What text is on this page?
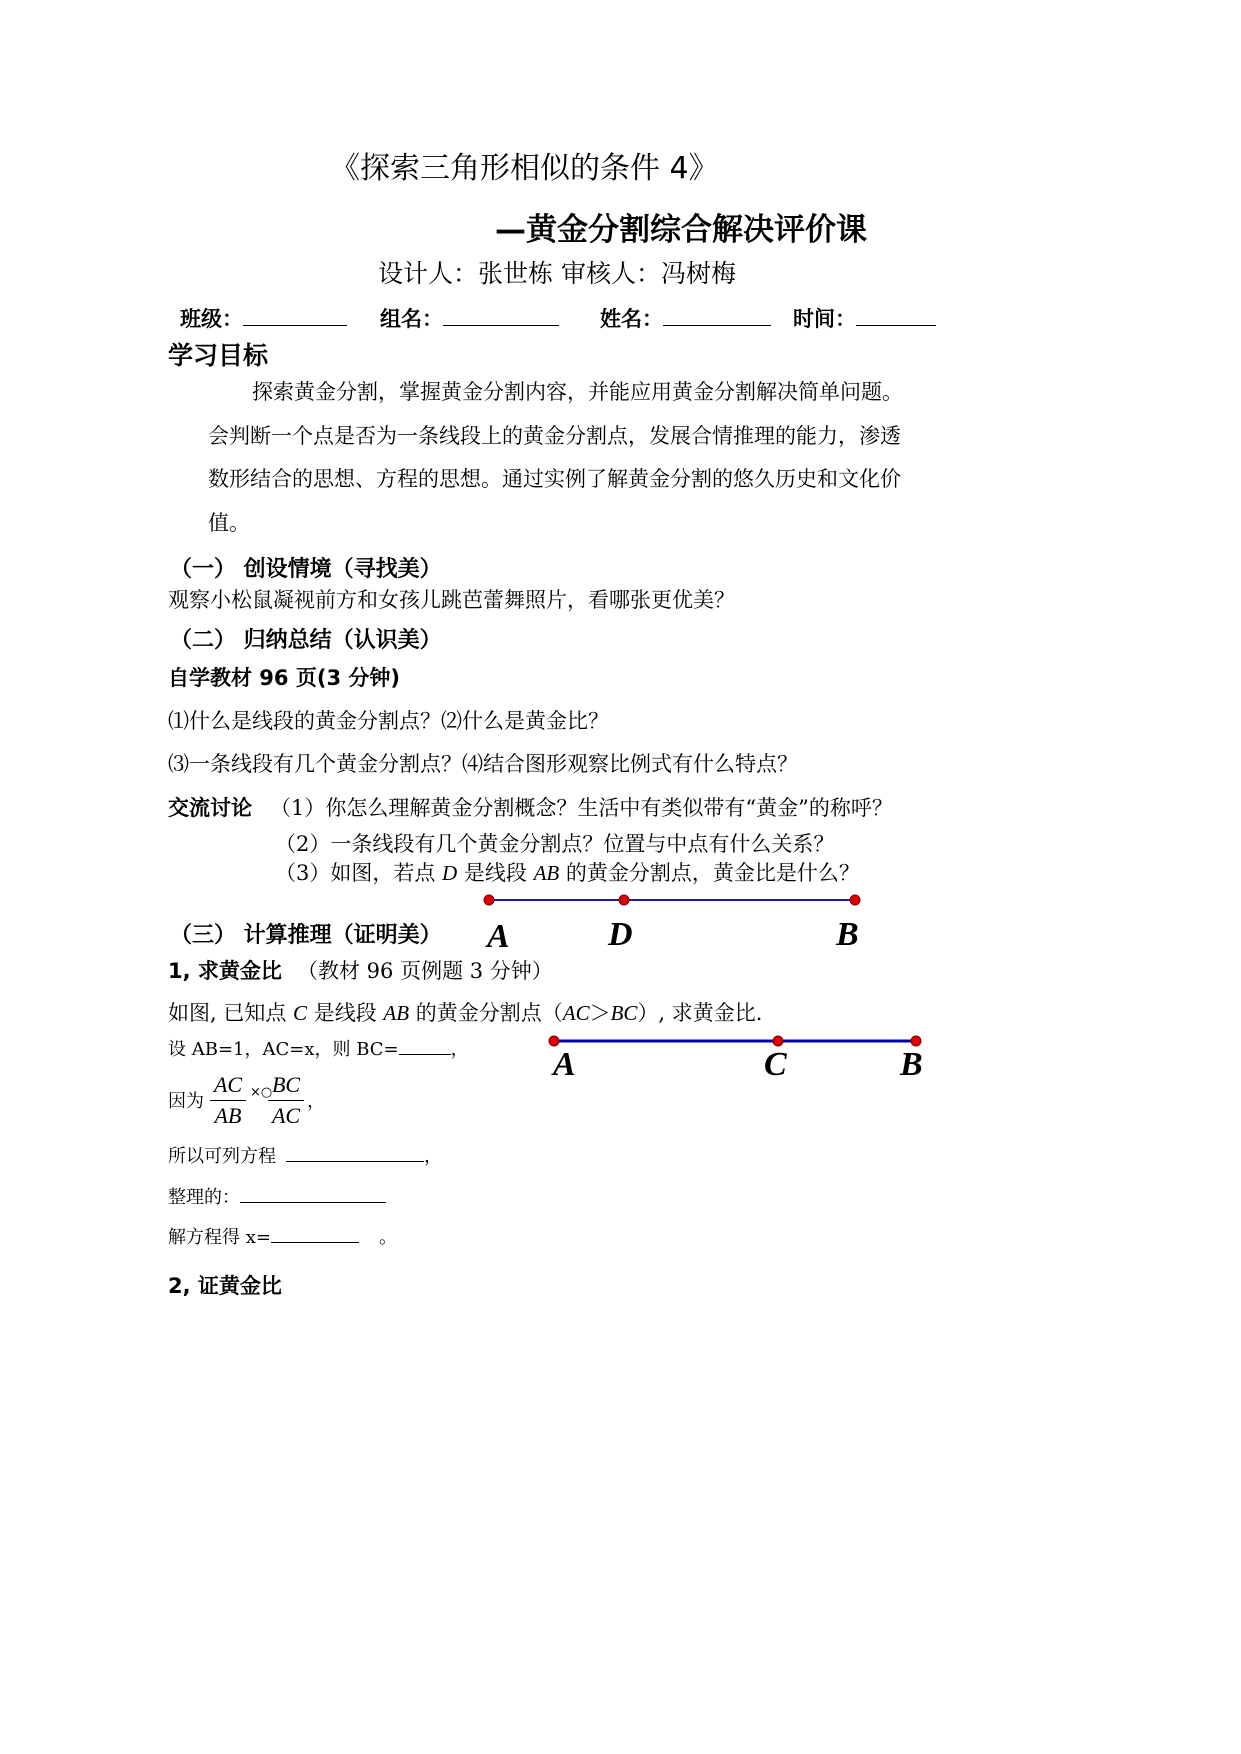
《探索三角形相似的条件 4》
—黄金分割综合解决评价课
设计人：张世栋 审核人：冯树梅
班级：	组名：	姓名：	时间：
学习目标
探索黄金分割，掌握黄金分割内容，并能应用黄金分割解决简单问题。
会判断一个点是否为一条线段上的黄金分割点，发展合情推理的能力，渗透
数形结合的思想、方程的思想。通过实例了解黄金分割的悠久历史和文化价
值。
（一） 创设情境（寻找美）
观察小松鼠凝视前方和女孩儿跳芭蕾舞照片，看哪张更优美？
（二） 归纳总结（认识美）
自学教材 96 页(3 分钟)
⑴什么是线段的黄金分割点？⑵什么是黄金比？
⑶一条线段有几个黄金分割点？⑷结合图形观察比例式有什么特点？
交流讨论 （1）你怎么理解黄金分割概念？生活中有类似带有“黄金”的称呼？
（2）一条线段有几个黄金分割点？位置与中点有什么关系？
（3）如图，若点 D 是线段 AB 的黄金分割点，黄金比是什么？
A	D	B
（三） 计算推理（证明美）
1, 求黄金比 （教材 96 页例题 3 分钟）
如图, 已知点 C 是线段 AB 的黄金分割点（AC＞BC）, 求黄金比.
设 AB=1，AC=x，则 BC=	， A	C	B
因为
AC
AB
×○ BC
AC
，
所以可列方程	，
整理的：
解方程得 x=	。
2, 证黄金比
